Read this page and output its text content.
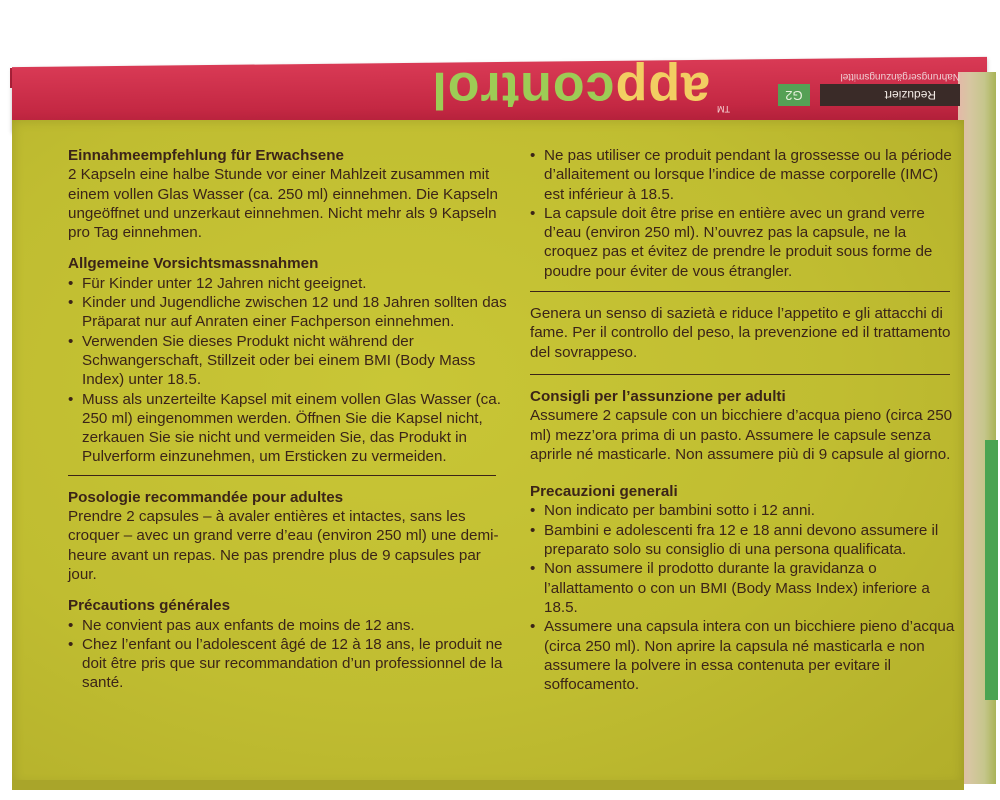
Reduziert
G2
Nahrungsergänzungsmittel
appcontrol	TM
Einnahmeempfehlung für Erwachsene

2 Kapseln eine halbe Stunde vor einer Mahlzeit zusammen mit einem vollen Glas Wasser (ca. 250 ml) einnehmen. Die Kapseln ungeöffnet und unzerkaut einnehmen. Nicht mehr als 9 Kapseln pro Tag einnehmen.

Allgemeine Vorsichtsmassnahmen
• Für Kinder unter 12 Jahren nicht geeignet.
• Kinder und Jugendliche zwischen 12 und 18 Jahren sollten das Präparat nur auf Anraten einer Fachperson einnehmen.
• Verwenden Sie dieses Produkt nicht während der Schwangerschaft, Stillzeit oder bei einem BMI (Body Mass Index) unter 18.5.
• Muss als unzerteilte Kapsel mit einem vollen Glas Wasser (ca. 250 ml) eingenommen werden. Öffnen Sie die Kapsel nicht, zerkauen Sie sie nicht und vermeiden Sie, das Produkt in Pulverform einzunehmen, um Ersticken zu vermeiden.
Posologie recommandée pour adultes

Prendre 2 capsules – à avaler entières et intactes, sans les croquer – avec un grand verre d’eau (environ 250 ml) une demi-heure avant un repas. Ne pas prendre plus de 9 capsules par jour.

Précautions générales
• Ne convient pas aux enfants de moins de 12 ans.
• Chez l’enfant ou l’adolescent âgé de 12 à 18 ans, le produit ne doit être pris que sur recommandation d’un professionnel de la santé.
• Ne pas utiliser ce produit pendant la grossesse ou la période d’allaitement ou lorsque l’indice de masse corporelle (IMC) est inférieur à 18.5.
• La capsule doit être prise en entière avec un grand verre d’eau (environ 250 ml). N’ouvrez pas la capsule, ne la croquez pas et évitez de prendre le produit sous forme de poudre pour éviter de vous étrangler.

Genera un senso di sazietà e riduce l’appetito e gli attacchi di fame. Per il controllo del peso, la prevenzione ed il trattamento del sovrappeso.

Consigli per l’assunzione per adulti

Assumere 2 capsule con un bicchiere d’acqua pieno (circa 250 ml) mezz’ora prima di un pasto. Assumere le capsule senza aprirle né masticarle. Non assumere più di 9 capsule al giorno.

Precauzioni generali
• Non indicato per bambini sotto i 12 anni.
• Bambini e adolescenti fra 12 e 18 anni devono assumere il preparato solo su consiglio di una persona qualificata.
• Non assumere il prodotto durante la gravidanza o l’allattamento o con un BMI (Body Mass Index) inferiore a 18.5.
• Assumere una capsula intera con un bicchiere pieno d’acqua (circa 250 ml). Non aprire la capsula né masticarla e non assumere la polvere in essa contenuta per evitare il soffocamento.
